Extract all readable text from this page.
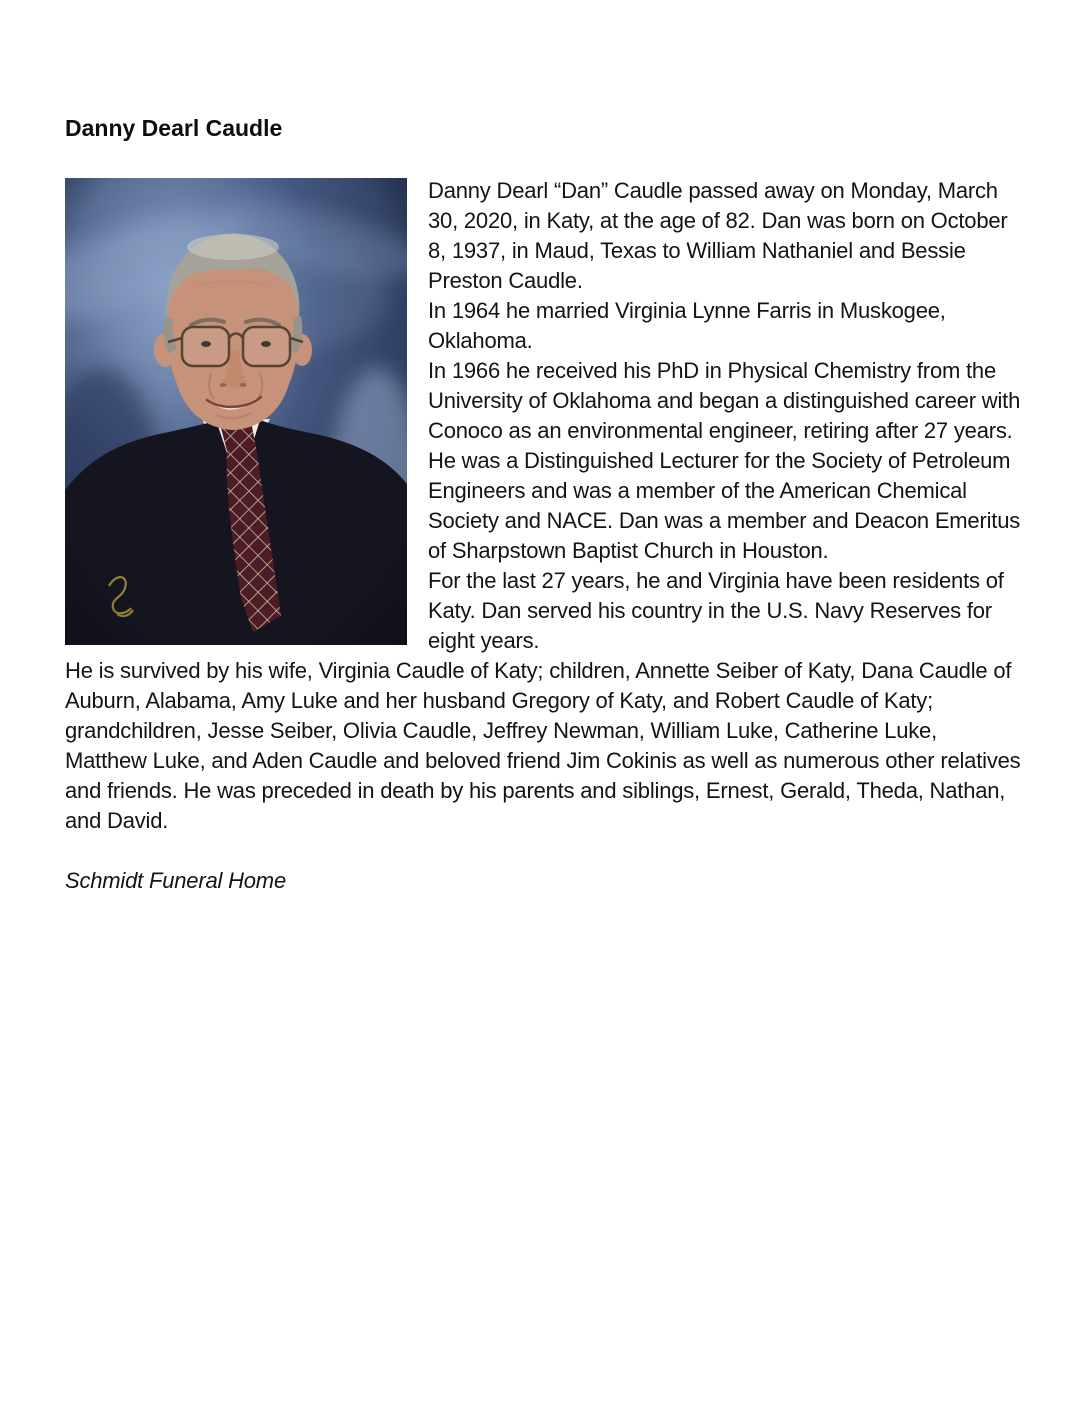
Danny Dearl Caudle

Danny Dearl “Dan” Caudle passed away on Monday, March 30, 2020, in Katy, at the age of 82. Dan was born on October 8, 1937, in Maud, Texas to William Nathaniel and Bessie Preston Caudle.

In 1964 he married Virginia Lynne Farris in Muskogee, Oklahoma.

In 1966 he received his PhD in Physical Chemistry from the University of Oklahoma and began a distinguished career with Conoco as an environmental engineer, retiring after 27 years.

He was a Distinguished Lecturer for the Society of Petroleum Engineers and was a member of the American Chemical Society and NACE. Dan was a member and Deacon Emeritus of Sharpstown Baptist Church in Houston.

For the last 27 years, he and Virginia have been residents of Katy. Dan served his country in the U.S. Navy Reserves for eight years.

He is survived by his wife, Virginia Caudle of Katy; children, Annette Seiber of Katy, Dana Caudle of Auburn, Alabama, Amy Luke and her husband Gregory of Katy, and Robert Caudle of Katy; grandchildren, Jesse Seiber, Olivia Caudle, Jeffrey Newman, William Luke, Catherine Luke, Matthew Luke, and Aden Caudle and beloved friend Jim Cokinis as well as numerous other relatives and friends. He was preceded in death by his parents and siblings, Ernest, Gerald, Theda, Nathan, and David.

Schmidt Funeral Home
